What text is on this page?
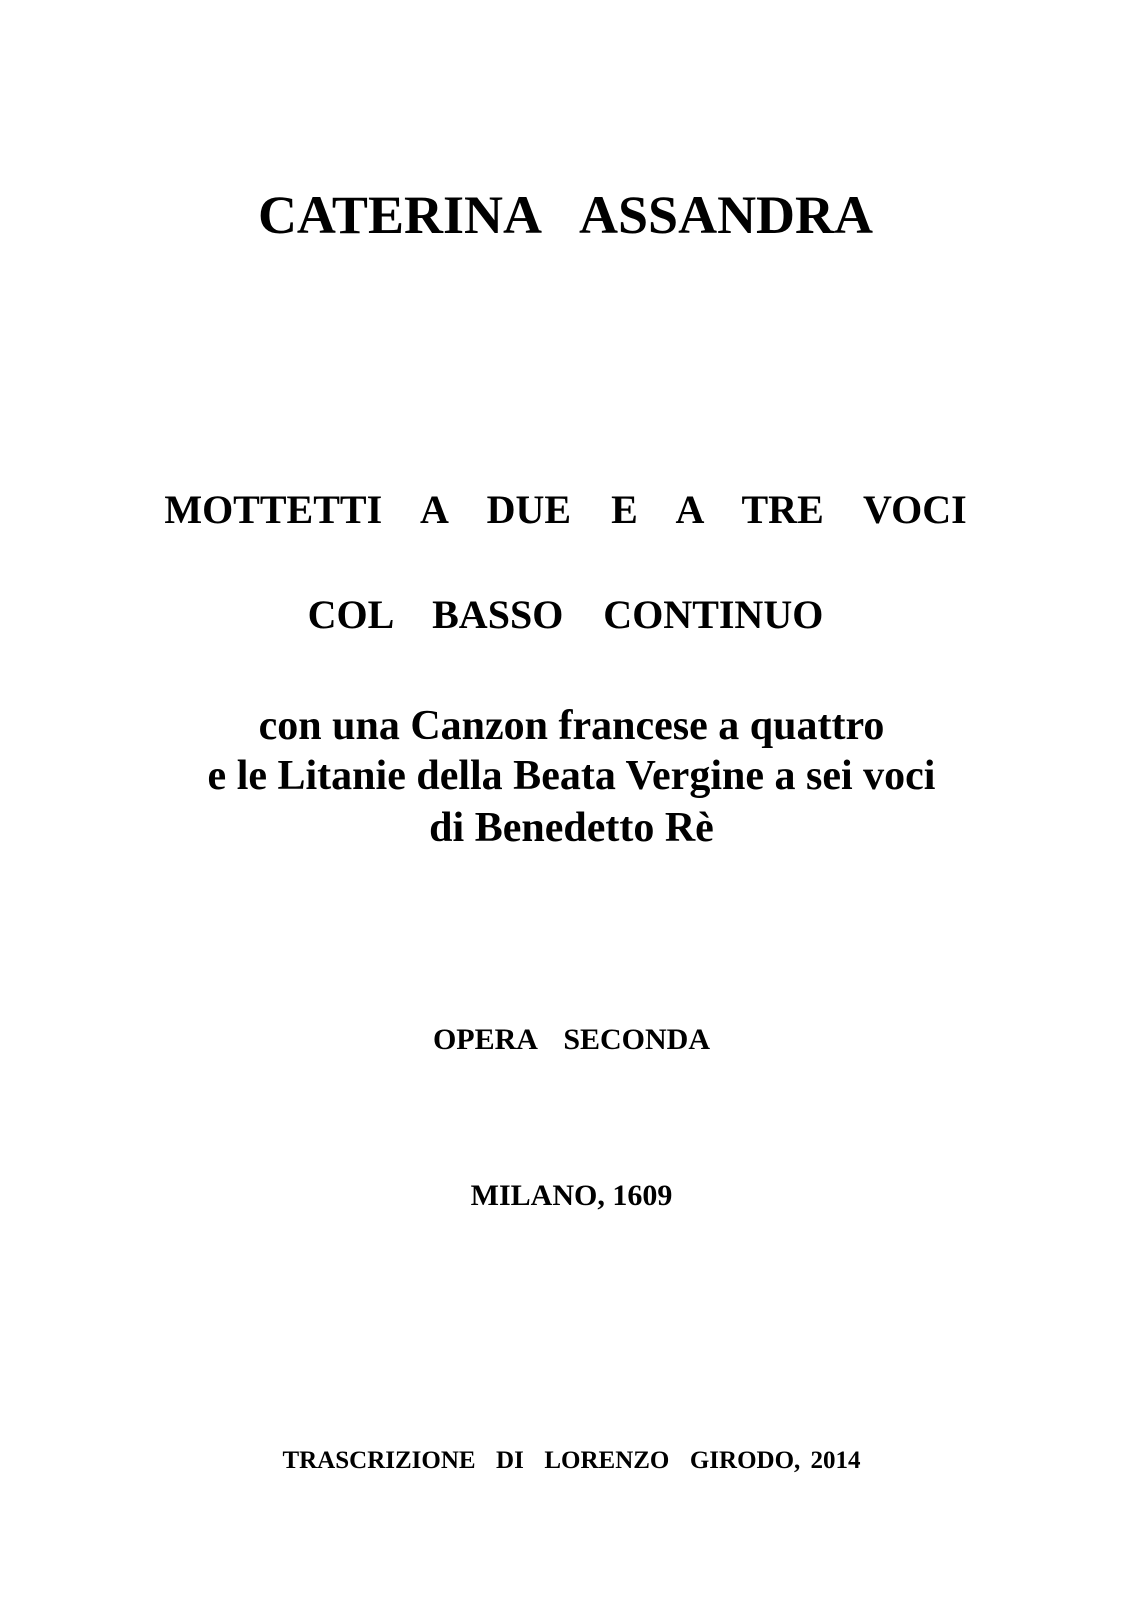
CATERINA  ASSANDRA
MOTTETTI  A  DUE  E  A  TRE  VOCI
COL  BASSO  CONTINUO
con una Canzon francese a quattro
e le Litanie della Beata Vergine a sei voci
di Benedetto Rè
OPERA  SECONDA
MILANO, 1609
TRASCRIZIONE  DI  LORENZO  GIRODO, 2014
